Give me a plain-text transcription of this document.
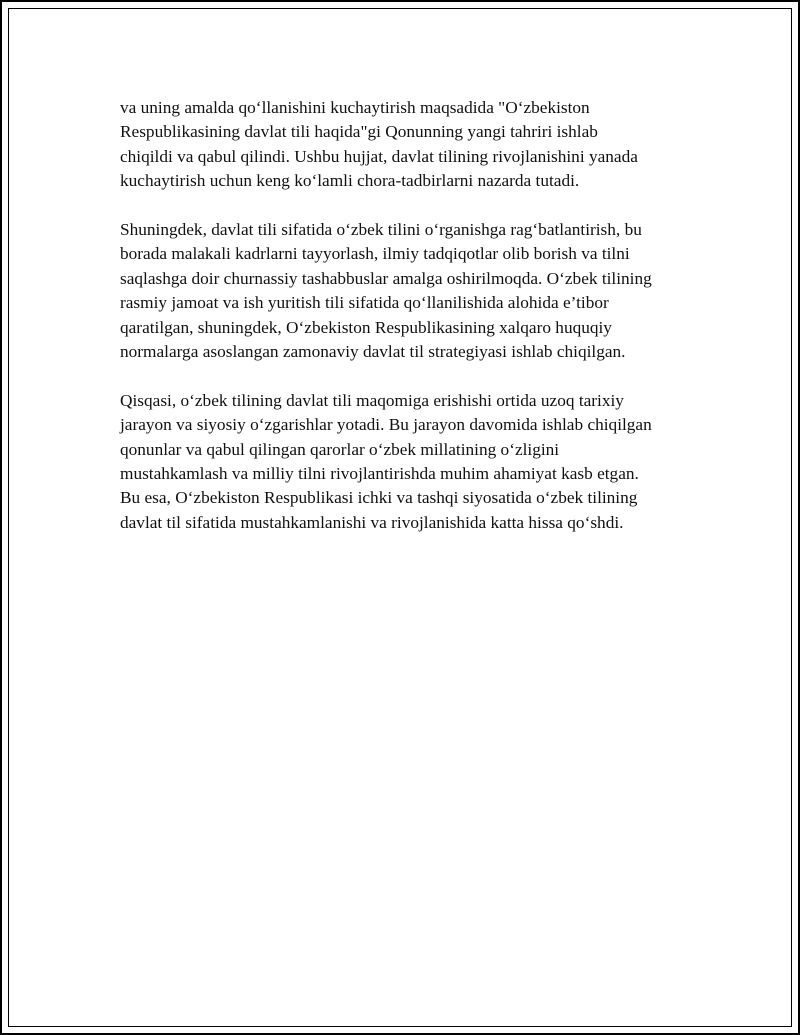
va uning amalda qo‘llanishini kuchaytirish maqsadida "O‘zbekiston
Respublikasining davlat tili haqida"gi Qonunning yangi tahriri ishlab
chiqildi va qabul qilindi. Ushbu hujjat, davlat tilining rivojlanishini yanada
kuchaytirish uchun keng ko‘lamli chora-tadbirlarni nazarda tutadi.

Shuningdek, davlat tili sifatida o‘zbek tilini o‘rganishga rag‘batlantirish, bu
borada malakali kadrlarni tayyorlash, ilmiy tadqiqotlar olib borish va tilni
saqlashga doir churnassiy tashabbuslar amalga oshirilmoqda. O‘zbek tilining
rasmiy jamoat va ish yuritish tili sifatida qo‘llanilishida alohida e’tibor
qaratilgan, shuningdek, O‘zbekiston Respublikasining xalqaro huquqiy
normalarga asoslangan zamonaviy davlat til strategiyasi ishlab chiqilgan.

Qisqasi, o‘zbek tilining davlat tili maqomiga erishishi ortida uzoq tarixiy
jarayon va siyosiy o‘zgarishlar yotadi. Bu jarayon davomida ishlab chiqilgan
qonunlar va qabul qilingan qarorlar o‘zbek millatining o‘zligini
mustahkamlash va milliy tilni rivojlantirishda muhim ahamiyat kasb etgan.
Bu esa, O‘zbekiston Respublikasi ichki va tashqi siyosatida o‘zbek tilining
davlat til sifatida mustahkamlanishi va rivojlanishida katta hissa qo‘shdi.
